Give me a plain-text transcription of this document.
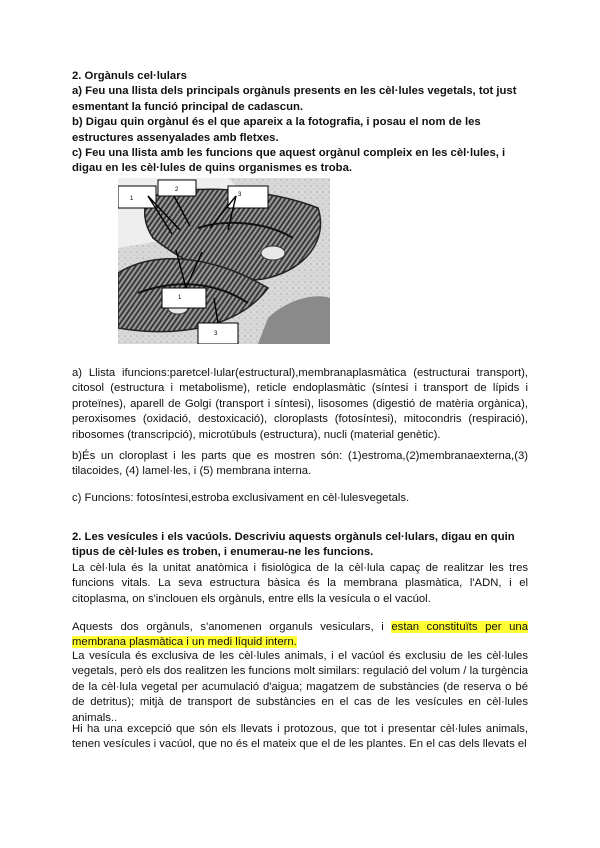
2. Orgànuls cel·lulars
a) Feu una llista dels principals orgànuls presents en les cèl·lules vegetals, tot just esmentant la funció principal de cadascun.
b) Digau quin orgànul és el que apareix a la fotografia, i posau el nom de les estructures assenyalades amb fletxes.
c) Feu una llista amb les funcions que aquest orgànul compleix en les cèl·lules, i digau en les cèl·lules de quins organismes es troba.
1
2
3
1
3
a) Llista ifuncions:paretcel·lular(estructural),membranaplasmàtica (estructurai transport), citosol (estructura i metabolisme), reticle endoplasmàtic (síntesi i transport de lípids i proteïnes), aparell de Golgi (transport i síntesi), lisosomes (digestió de matèria orgànica), peroxisomes (oxidació, destoxicació), cloroplasts (fotosíntesi), mitocondris (respiració), ribosomes (transcripció), microtúbuls (estructura), nucli (material genètic).
b)És un cloroplast i les parts que es mostren són: (1)estroma,(2)membranaexterna,(3) tilacoides, (4) lamel·les, i (5) membrana interna.
c) Funcions: fotosíntesi,estroba exclusivament en cèl·lulesvegetals.
2. Les vesícules i els vacúols. Descriviu aquests orgànuls cel·lulars, digau en quin tipus de cèl·lules es troben, i enumerau-ne les funcions.
La cèl·lula és la unitat anatòmica i fisiològica de la cèl·lula capaç de realitzar les tres funcions vitals. La seva estructura bàsica és la membrana plasmàtica, l'ADN, i el citoplasma, on s'inclouen els orgànuls, entre ells la vesícula o el vacúol.
Aquests dos orgànuls, s'anomenen organuls vesiculars, i estan constituïts per una membrana plasmàtica i un medi líquid intern.
La vesícula és exclusiva de les cèl·lules animals, i el vacúol és exclusiu de les cèl·lules vegetals, però els dos realitzen les funcions molt similars: regulació del volum / la turgència de la cèl·lula vegetal per acumulació d'aigua; magatzem de substàncies (de reserva o bé de detritus); mitjà de transport de substàncies en el cas de les vesícules en cèl·lules animals..
Hi ha una excepció que són els llevats i protozous, que tot i presentar cèl·lules animals, tenen vesícules i vacúol, que no és el mateix que el de les plantes. En el cas dels llevats el
